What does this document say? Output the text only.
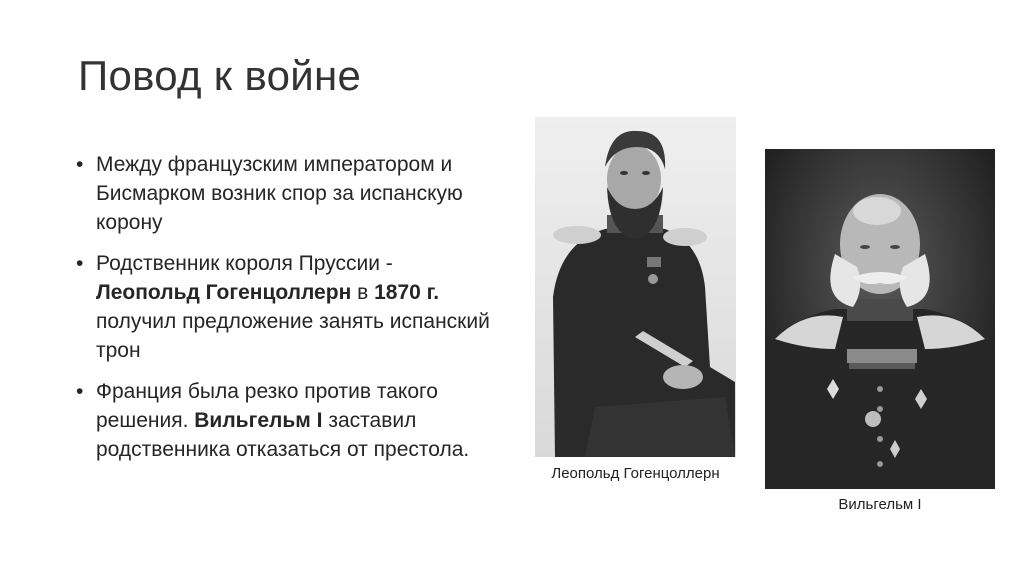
Повод к войне
• Между французским императором и Бисмарком возник спор за испанскую корону
• Родственник короля Пруссии - Леопольд Гогенцоллерн в 1870 г. получил предложение занять испанский трон
• Франция была резко против такого решения. Вильгельм I заставил родственника отказаться от престола.
Леопольд Гогенцоллерн
Вильгельм I
